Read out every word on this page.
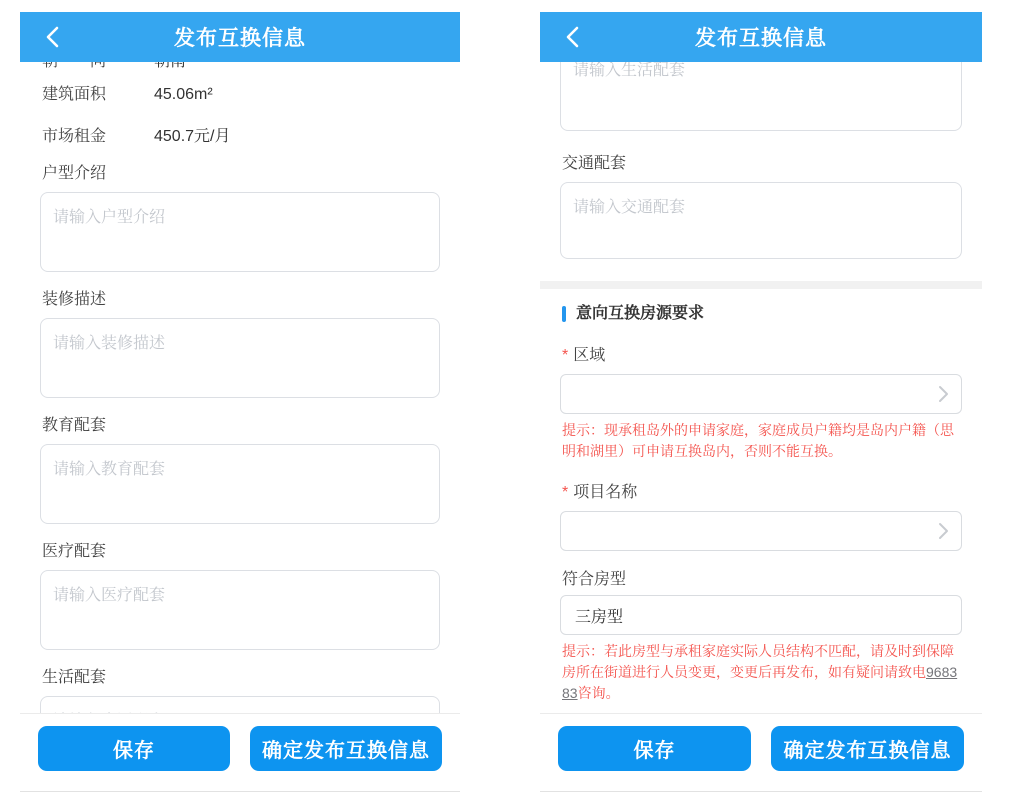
发布互换信息
建筑面积	45.06m²
市场租金	450.7元/月
户型介绍
请输入户型介绍
装修描述
请输入装修描述
教育配套
请输入教育配套
医疗配套
请输入医疗配套
生活配套
请输入生活配套
保存	确定发布互换信息
发布互换信息
请输入生活配套
交通配套
请输入交通配套
意向互换房源要求
* 区域

提示：现承租岛外的申请家庭，家庭成员户籍均是岛内户籍（思明和湖里）可申请互换岛内，否则不能互换。

* 项目名称
符合房型
三房型

提示：若此房型与承租家庭实际人员结构不匹配，请及时到保障房所在街道进行人员变更，变更后再发布，如有疑问请致电968383咨询。

保存	确定发布互换信息
